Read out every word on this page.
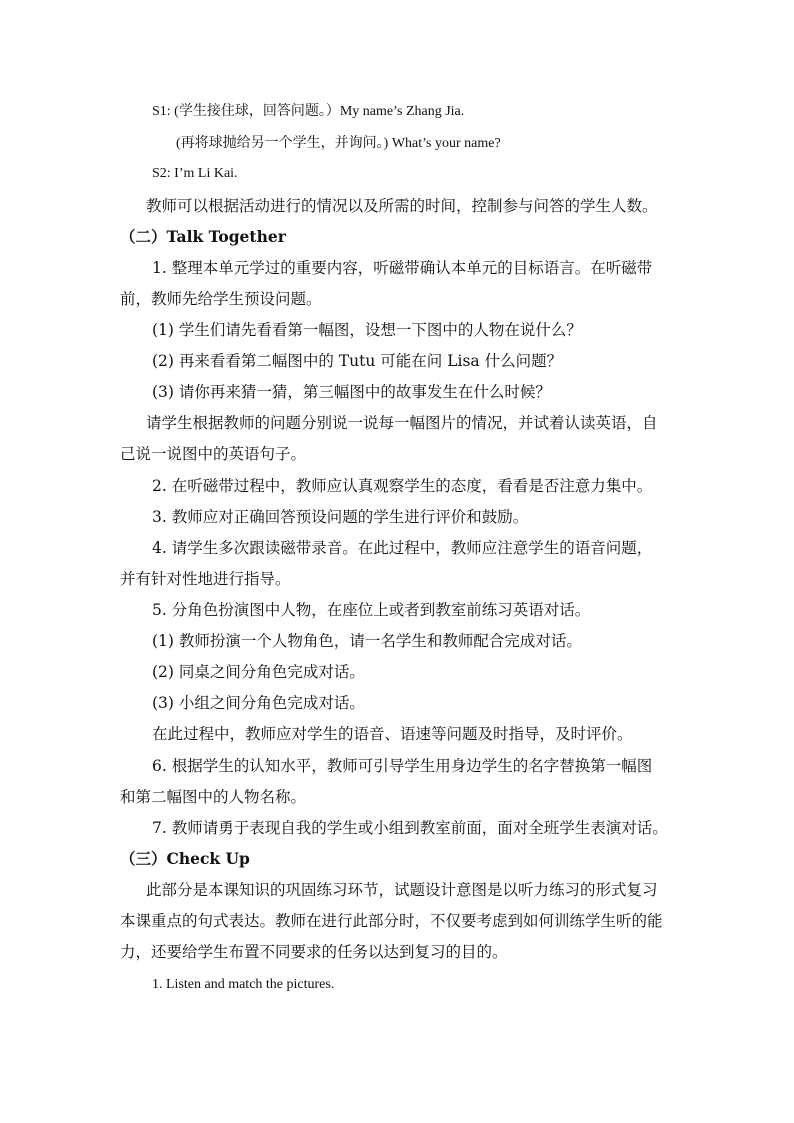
S1: (学生接住球，回答问题。）My name’s Zhang Jia.
(再将球抛给另一个学生，并询问。) What’s your name?
S2: I’m Li Kai.
教师可以根据活动进行的情况以及所需的时间，控制参与问答的学生人数。
（二）Talk Together
1. 整理本单元学过的重要内容，听磁带确认本单元的目标语言。在听磁带
前，教师先给学生预设问题。
(1) 学生们请先看看第一幅图，设想一下图中的人物在说什么？
(2) 再来看看第二幅图中的 Tutu 可能在问 Lisa 什么问题？
(3) 请你再来猜一猜，第三幅图中的故事发生在什么时候？
请学生根据教师的问题分别说一说每一幅图片的情况，并试着认读英语，自
己说一说图中的英语句子。
2. 在听磁带过程中，教师应认真观察学生的态度，看看是否注意力集中。
3. 教师应对正确回答预设问题的学生进行评价和鼓励。
4. 请学生多次跟读磁带录音。在此过程中，教师应注意学生的语音问题，
并有针对性地进行指导。
5. 分角色扮演图中人物，在座位上或者到教室前练习英语对话。
(1) 教师扮演一个人物角色，请一名学生和教师配合完成对话。
(2) 同桌之间分角色完成对话。
(3) 小组之间分角色完成对话。
在此过程中，教师应对学生的语音、语速等问题及时指导，及时评价。
6. 根据学生的认知水平，教师可引导学生用身边学生的名字替换第一幅图
和第二幅图中的人物名称。
7. 教师请勇于表现自我的学生或小组到教室前面，面对全班学生表演对话。
（三）Check Up
此部分是本课知识的巩固练习环节，试题设计意图是以听力练习的形式复习
本课重点的句式表达。教师在进行此部分时，不仅要考虑到如何训练学生听的能
力，还要给学生布置不同要求的任务以达到复习的目的。
1. Listen and match the pictures.
